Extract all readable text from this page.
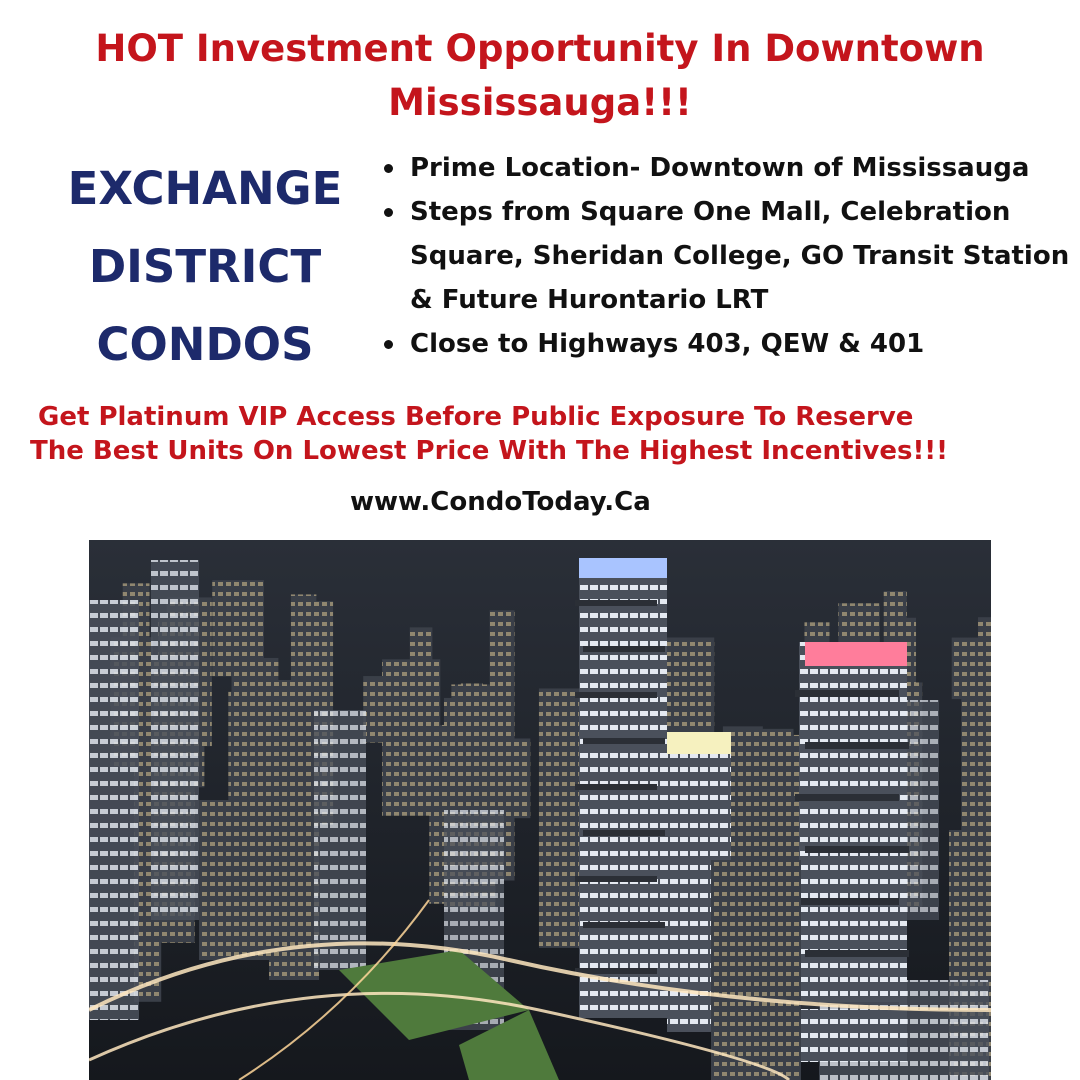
HOT Investment Opportunity In Downtown Mississauga!!!
EXCHANGE
DISTRICT
CONDOS
Prime Location- Downtown of Mississauga
Steps from Square One Mall, Celebration Square, Sheridan College, GO Transit Station & Future Hurontario LRT
Close to Highways 403, QEW & 401

Get Platinum VIP Access Before Public Exposure To Reserve
The Best Units On Lowest Price With The Highest Incentives!!!

www.CondoToday.Ca
